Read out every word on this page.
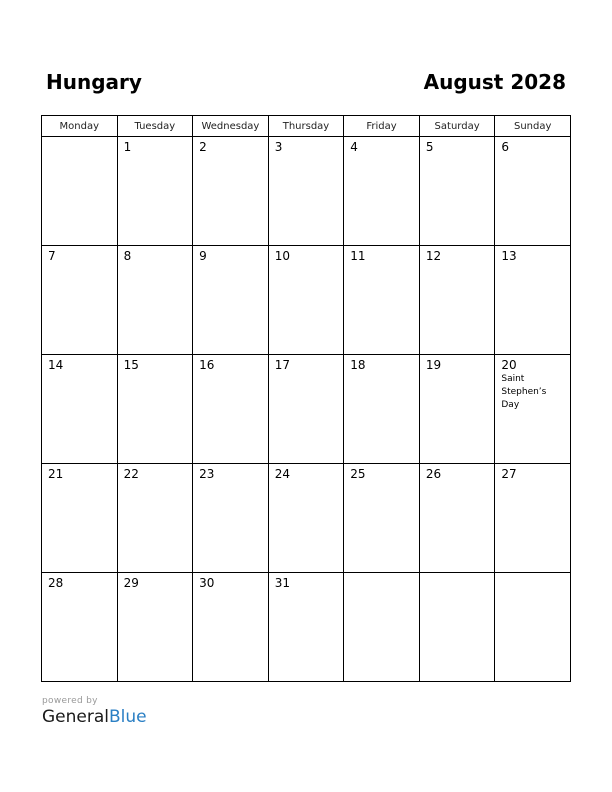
Hungary	August 2028
Monday	Tuesday	Wednesday	Thursday	Friday	Saturday	Sunday

	1	2	3	4	5	6

7	8	9	10	11	12	13

14	15	16	17	18	19	20
Saint Stephen’s Day

21	22	23	24	25	26	27

28	29	30	31			

powered by
GeneralBlue
